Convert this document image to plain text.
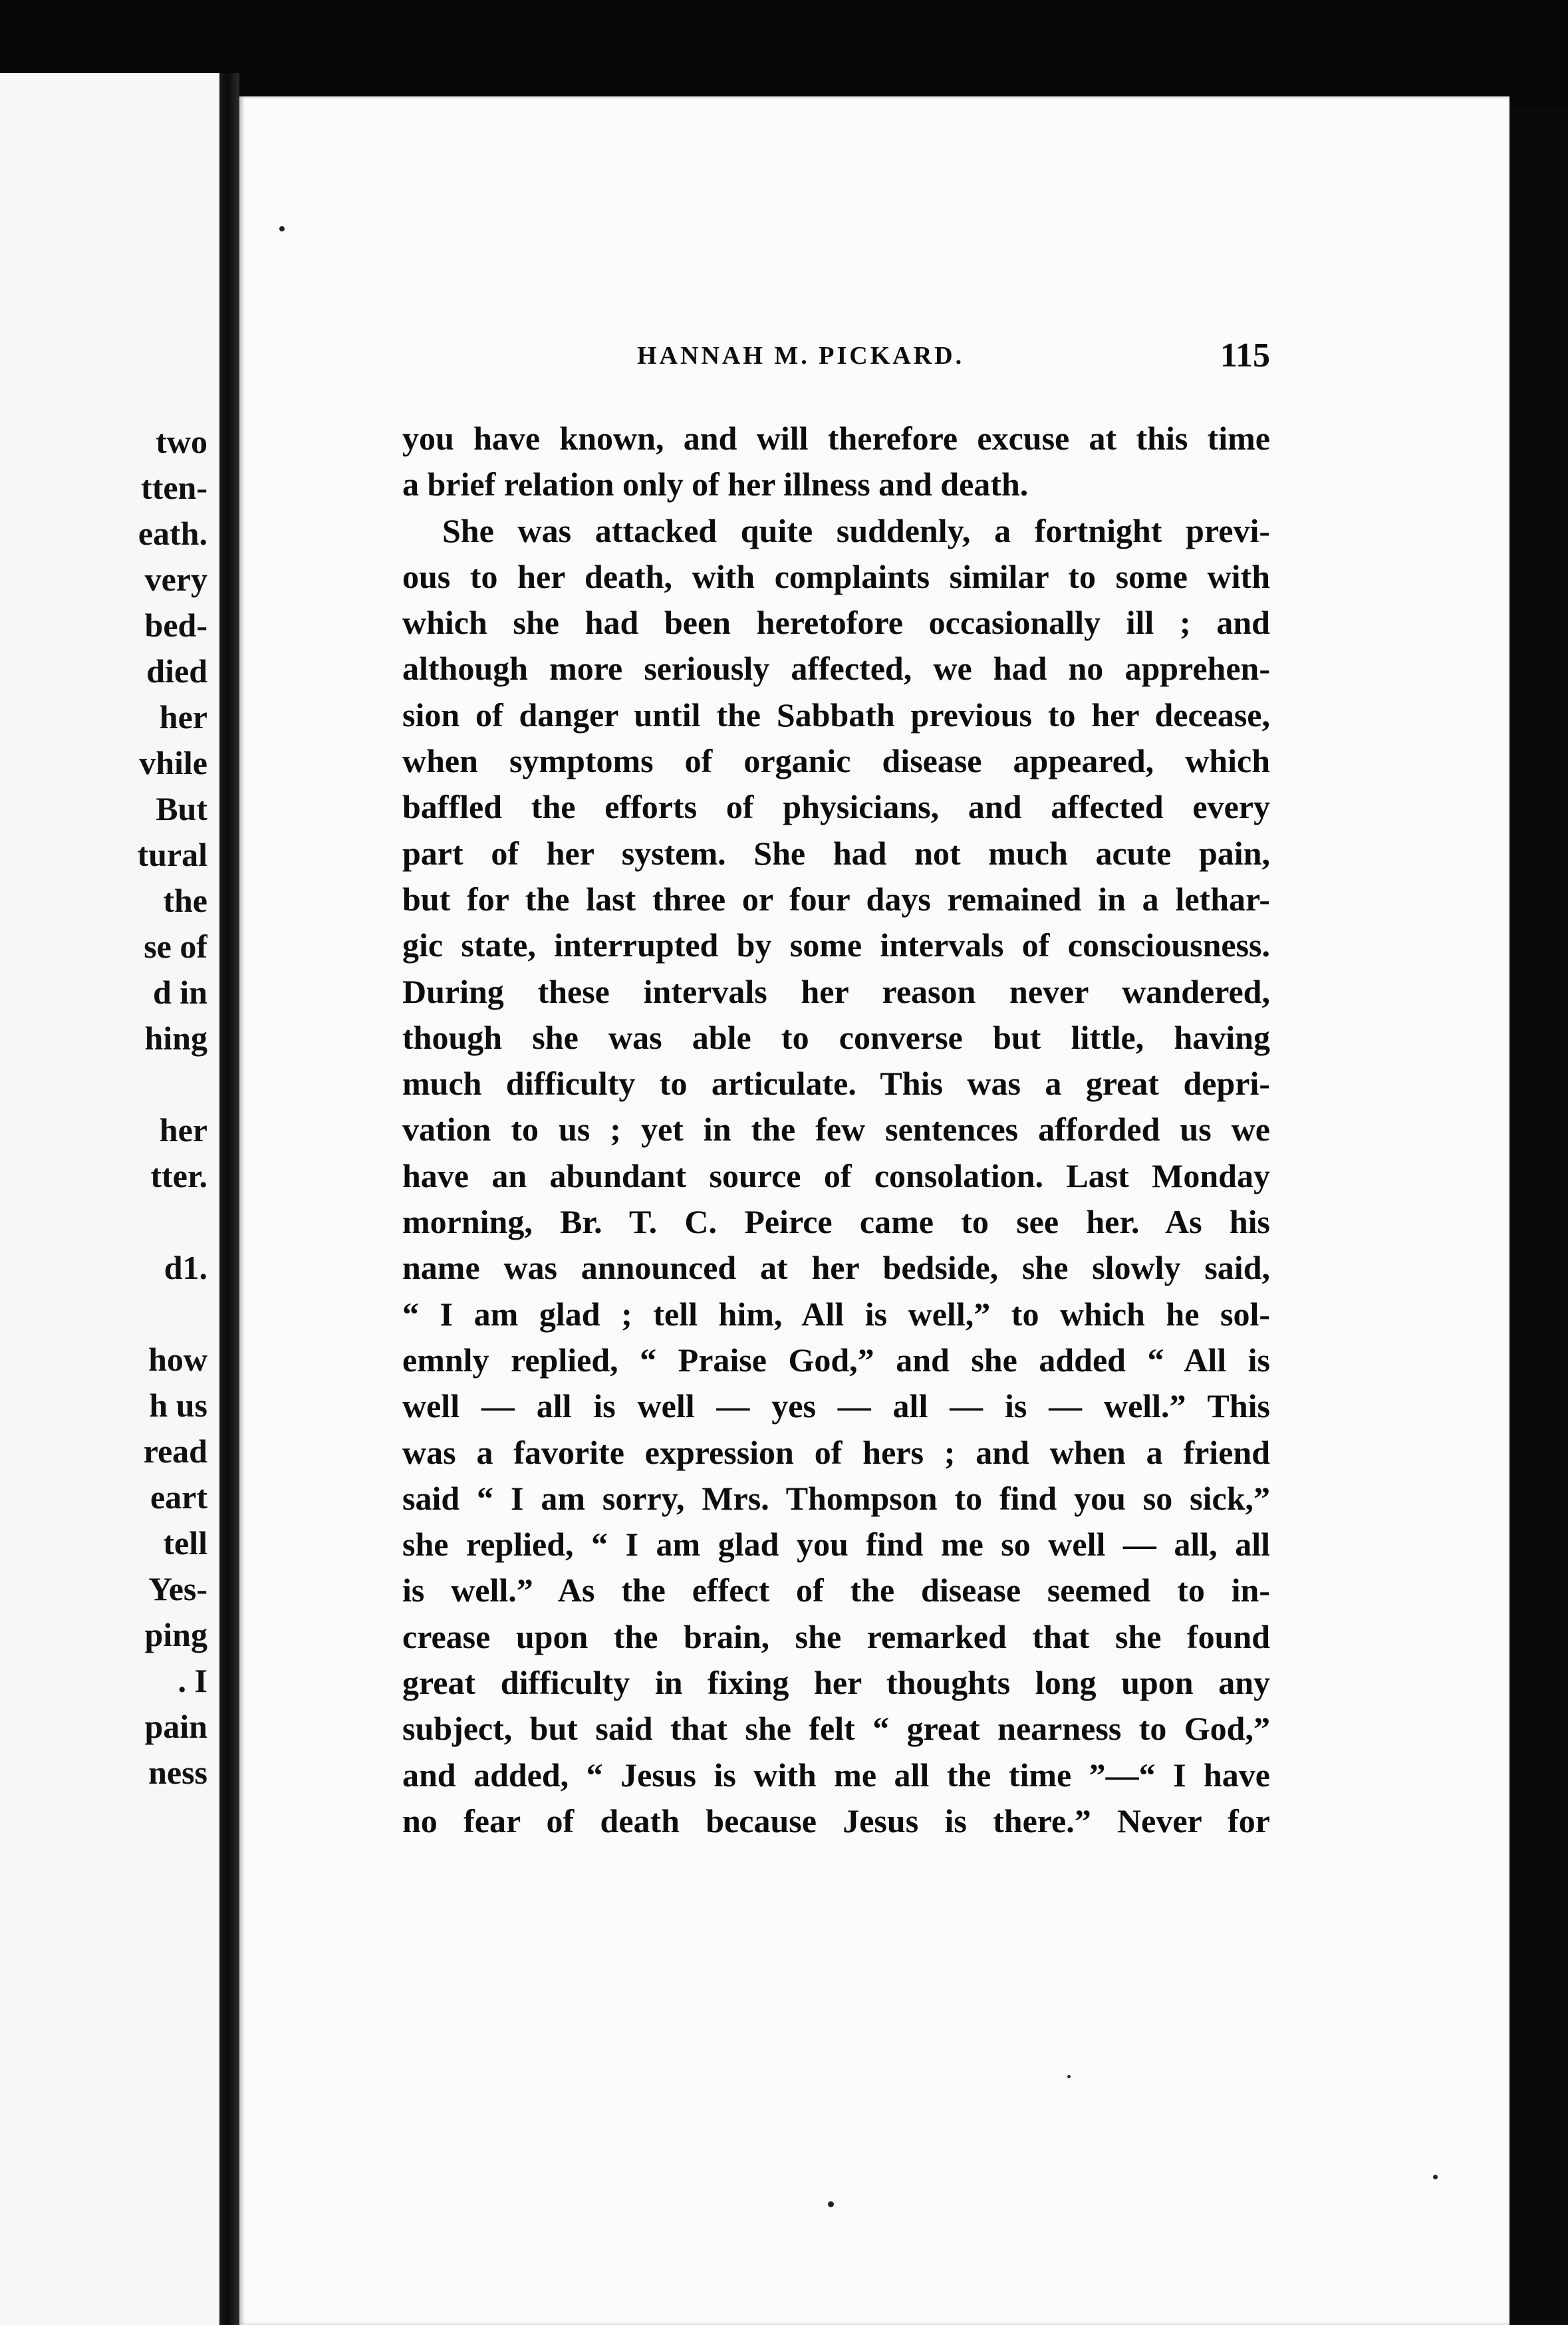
two
tten-
eath.
very
bed-
died
her
vhile
But
tural
the
se of
d in
hing
her
tter.
d1.
how
h us
read
eart
tell
Yes-
ping
. I
pain
ness
HANNAH M. PICKARD.	115
you have known, and will therefore excuse at this time
a brief relation only of her illness and death.
She was attacked quite suddenly, a fortnight previ-
ous to her death, with complaints similar to some with
which she had been heretofore occasionally ill ; and
although more seriously affected, we had no apprehen-
sion of danger until the Sabbath previous to her decease,
when symptoms of organic disease appeared, which
baffled the efforts of physicians, and affected every
part of her system. She had not much acute pain,
but for the last three or four days remained in a lethar-
gic state, interrupted by some intervals of consciousness.
During these intervals her reason never wandered,
though she was able to converse but little, having
much difficulty to articulate. This was a great depri-
vation to us ; yet in the few sentences afforded us we
have an abundant source of consolation. Last Monday
morning, Br. T. C. Peirce came to see her. As his
name was announced at her bedside, she slowly said,
“ I am glad ; tell him, All is well,” to which he sol-
emnly replied, “ Praise God,” and she added “ All is
well — all is well — yes — all — is — well.” This
was a favorite expression of hers ; and when a friend
said “ I am sorry, Mrs. Thompson to find you so sick,”
she replied, “ I am glad you find me so well — all, all
is well.” As the effect of the disease seemed to in-
crease upon the brain, she remarked that she found
great difficulty in fixing her thoughts long upon any
subject, but said that she felt “ great nearness to God,”
and added, “ Jesus is with me all the time ”—“ I have
no fear of death because Jesus is there.” Never for
